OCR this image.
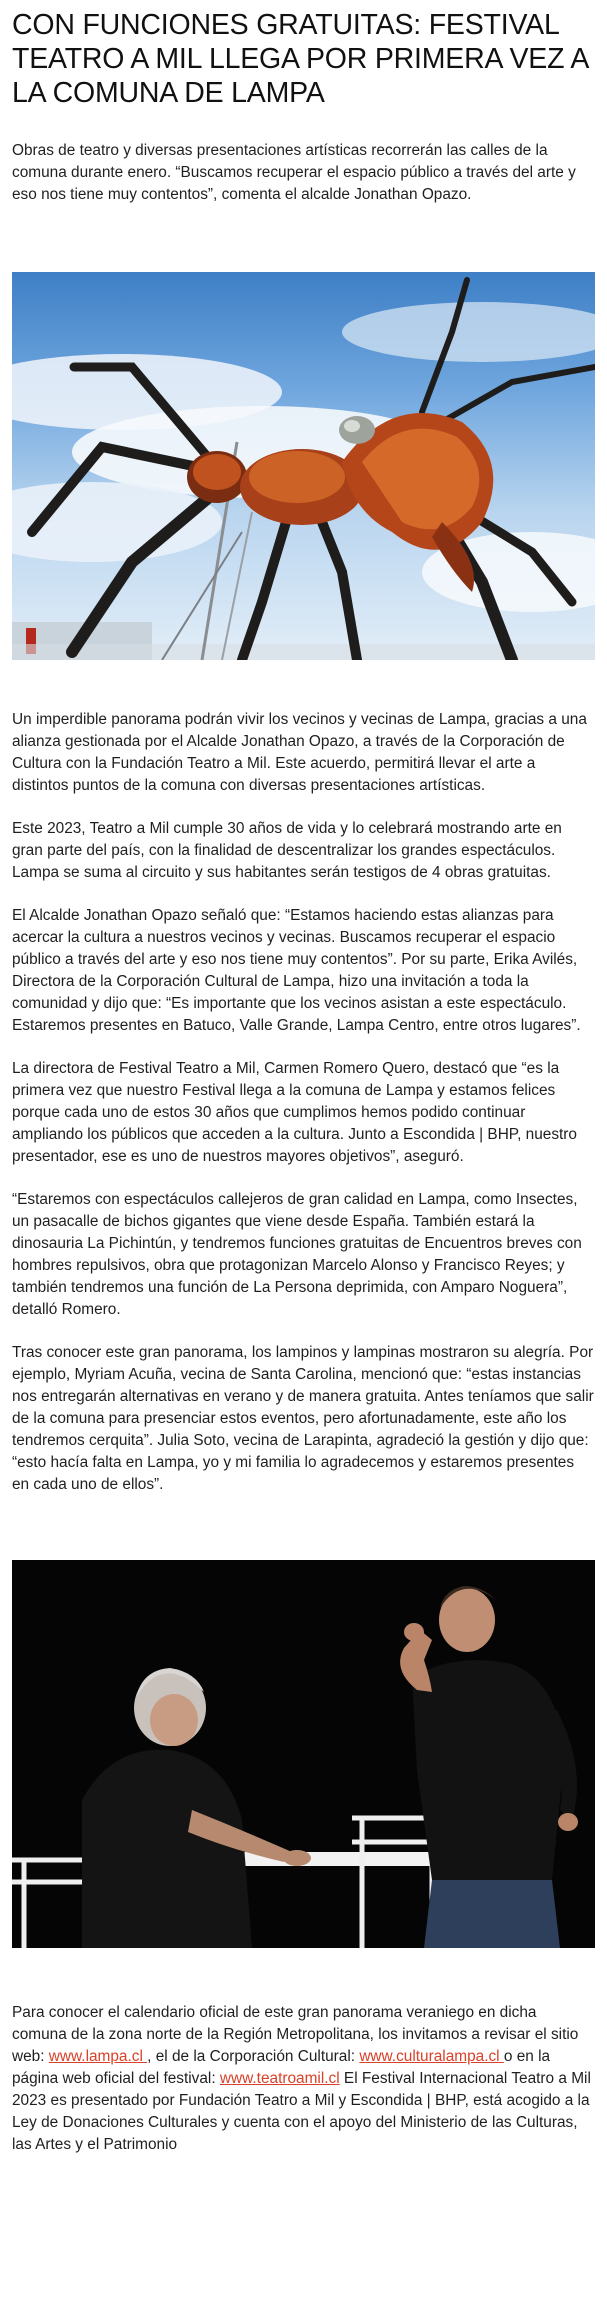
CON FUNCIONES GRATUITAS: FESTIVAL TEATRO A MIL LLEGA POR PRIMERA VEZ A LA COMUNA DE LAMPA

Obras de teatro y diversas presentaciones artísticas recorrerán las calles de la comuna durante enero. “Buscamos recuperar el espacio público a través del arte y eso nos tiene muy contentos”, comenta el alcalde Jonathan Opazo.

Un imperdible panorama podrán vivir los vecinos y vecinas de Lampa, gracias a una alianza gestionada por el Alcalde Jonathan Opazo, a través de la Corporación de Cultura con la Fundación Teatro a Mil. Este acuerdo, permitirá llevar el arte a distintos puntos de la comuna con diversas presentaciones artísticas.

Este 2023, Teatro a Mil cumple 30 años de vida y lo celebrará mostrando arte en gran parte del país, con la finalidad de descentralizar los grandes espectáculos. Lampa se suma al circuito y sus habitantes serán testigos de 4 obras gratuitas.

El Alcalde Jonathan Opazo señaló que: “Estamos haciendo estas alianzas para acercar la cultura a nuestros vecinos y vecinas. Buscamos recuperar el espacio público a través del arte y eso nos tiene muy contentos”. Por su parte, Erika Avilés, Directora de la Corporación Cultural de Lampa, hizo una invitación a toda la comunidad y dijo que: “Es importante que los vecinos asistan a este espectáculo. Estaremos presentes en Batuco, Valle Grande, Lampa Centro, entre otros lugares”.

La directora de Festival Teatro a Mil, Carmen Romero Quero, destacó que “es la primera vez que nuestro Festival llega a la comuna de Lampa y estamos felices porque cada uno de estos 30 años que cumplimos hemos podido continuar ampliando los públicos que acceden a la cultura. Junto a Escondida | BHP, nuestro presentador, ese es uno de nuestros mayores objetivos”, aseguró.

“Estaremos con espectáculos callejeros de gran calidad en Lampa, como Insectes, un pasacalle de bichos gigantes que viene desde España. También estará la dinosauria La Pichintún, y tendremos funciones gratuitas de Encuentros breves con hombres repulsivos, obra que protagonizan Marcelo Alonso y Francisco Reyes; y también tendremos una función de La Persona deprimida, con Amparo Noguera”, detalló Romero.

Tras conocer este gran panorama, los lampinos y lampinas mostraron su alegría. Por ejemplo, Myriam Acuña, vecina de Santa Carolina, mencionó que: “estas instancias nos entregarán alternativas en verano y de manera gratuita. Antes teníamos que salir de la comuna para presenciar estos eventos, pero afortunadamente, este año los tendremos cerquita”. Julia Soto, vecina de Larapinta, agradeció la gestión y dijo que: “esto hacía falta en Lampa, yo y mi familia lo agradecemos y estaremos presentes en cada uno de ellos”.

Para conocer el calendario oficial de este gran panorama veraniego en dicha comuna de la zona norte de la Región Metropolitana, los invitamos a revisar el sitio web: www.lampa.cl , el de la Corporación Cultural: www.culturalampa.cl o en la página web oficial del festival: www.teatroamil.cl El Festival Internacional Teatro a Mil 2023 es presentado por Fundación Teatro a Mil y Escondida | BHP, está acogido a la Ley de Donaciones Culturales y cuenta con el apoyo del Ministerio de las Culturas, las Artes y el Patrimonio
